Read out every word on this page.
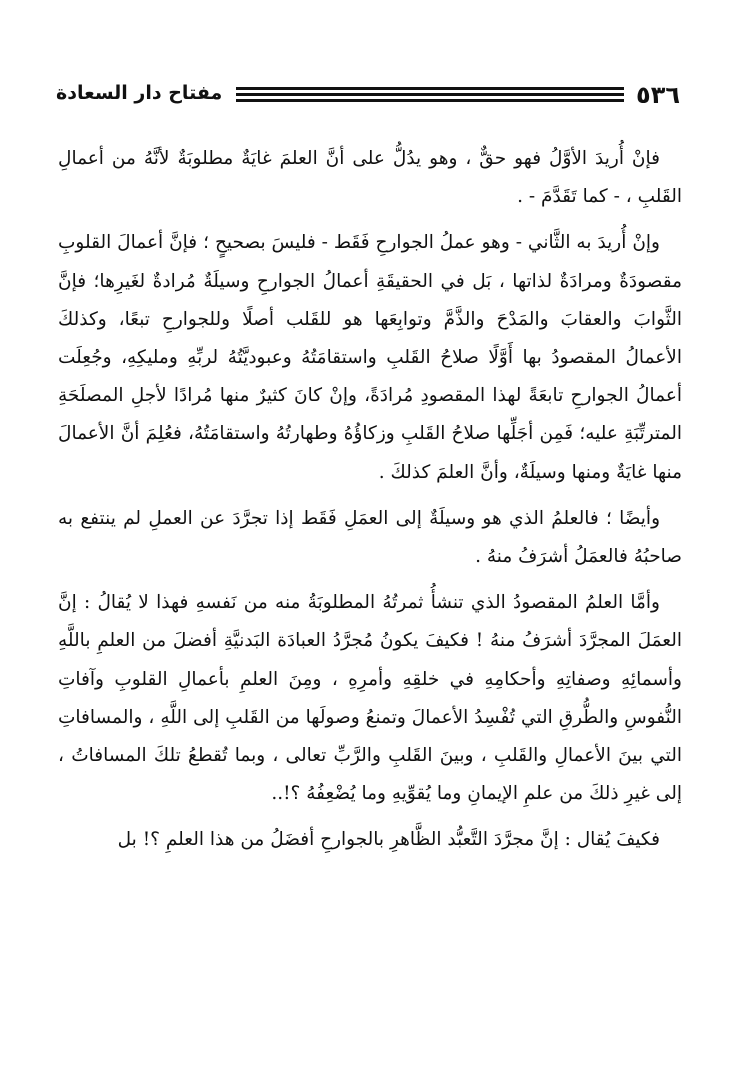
٥٣٦
مفتاح دار السعادة

فإنْ أُريدَ الأوَّلُ فهو حقٌّ ، وهو يدُلُّ على أنَّ العلمَ غايَةٌ مطلوبَةٌ لأنَّهُ من أعمالِ القَلبِ ، - كما تَقَدَّمَ - .

وإنْ أُريدَ به الثَّاني - وهو عملُ الجوارحِ فَقَط - فليسَ بصحيحٍ ؛ فإنَّ أعمالَ القلوبِ مقصودَةٌ ومرادَةٌ لذاتها ، بَل في الحقيقَةِ أعمالُ الجوارحِ وسيلَةٌ مُرادةٌ لغَيرِها؛ فإنَّ الثَّوابَ والعقابَ والمَدْحَ والذَّمَّ وتوابِعَها هو للقَلب أصلًا وللجوارحِ تبعًا، وكذلكَ الأعمالُ المقصودُ بها أَوَّلًا صلاحُ القَلبِ واستقامَتُهُ وعبوديَّتُهُ لربِّهِ ومليكِهِ، وجُعِلَت أعمالُ الجوارحِ تابعَةً لهذا المقصودِ مُرادَةً، وإنْ كانَ كثيرٌ منها مُرادًا لأجلِ المصلَحَةِ المترتِّبَةِ عليه؛ فَمِن أجَلِّها صلاحُ القَلبِ وزكاؤُهُ وطهارتُهُ واستقامَتُهُ، فعُلِمَ أنَّ الأعمالَ منها غايَةٌ ومنها وسيلَةٌ، وأنَّ العلمَ كذلكَ .

وأيضًا ؛ فالعلمُ الذي هو وسيلَةٌ إلى العمَلِ فَقَط إذا تجرَّدَ عن العملِ لم ينتفع به صاحبُهُ فالعمَلُ أشرَفُ منهُ .

وأمَّا العلمُ المقصودُ الذي تنشأُ ثمرتُهُ المطلوبَةُ منه من نَفسهِ فهذا لا يُقالُ : إنَّ العمَلَ المجرَّدَ أشرَفُ منهُ ! فكيفَ يكونُ مُجرَّدُ العبادَة البَدنيَّةِ أفضلَ من العلمِ باللَّهِ وأسمائِهِ وصفاتِهِ وأحكامِهِ في خلقِهِ وأمرِهِ ، ومِنَ العلمِ بأعمالِ القلوبِ وآفاتِ النُّفوسِ والطُّرقِ التي تُفْسِدُ الأعمالَ وتمنعُ وصولَها من القَلبِ إلى اللَّهِ ، والمسافاتِ التي بينَ الأعمالِ والقَلبِ ، وبينَ القَلبِ والرَّبِّ تعالى ، وبما تُقطعُ تلكَ المسافاتُ ، إلى غيرِ ذلكَ من علمِ الإيمانِ وما يُقوِّيهِ وما يُضْعِفُهُ ؟!..

فكيفَ يُقال : إنَّ مجرَّدَ التَّعبُّد الظَّاهرِ بالجوارحِ أفضَلُ من هذا العلمِ ؟! بل
